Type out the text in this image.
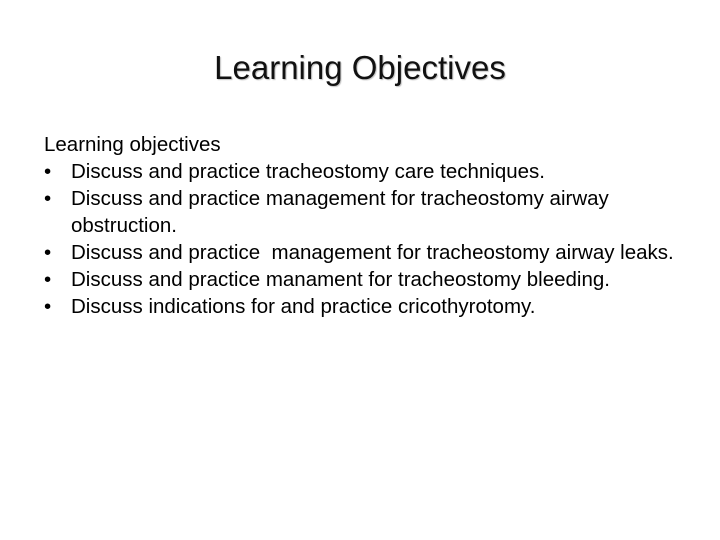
Learning Objectives

Learning objectives

• Discuss and practice tracheostomy care techniques.
• Discuss and practice management for tracheostomy airway obstruction.
• Discuss and practice  management for tracheostomy airway leaks.
• Discuss and practice manament for tracheostomy bleeding.
• Discuss indications for and practice cricothyrotomy.
